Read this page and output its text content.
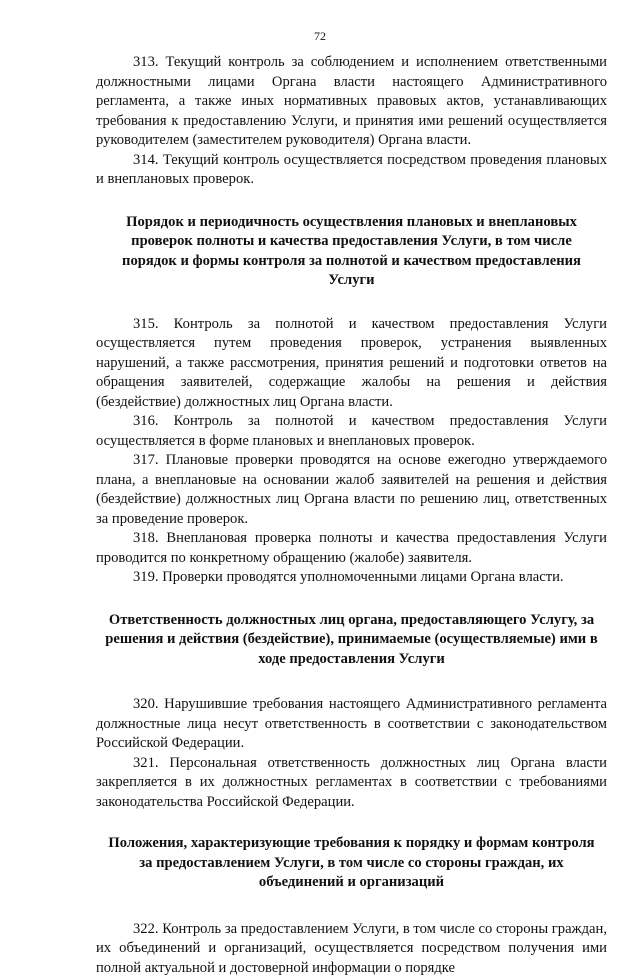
72

313. Текущий контроль за соблюдением и исполнением ответственными должностными лицами Органа власти настоящего Административного регламента, а также иных нормативных правовых актов, устанавливающих требования к предоставлению Услуги, и принятия ими решений осуществляется руководителем (заместителем руководителя) Органа власти.

314. Текущий контроль осуществляется посредством проведения плановых и внеплановых проверок.

Порядок и периодичность осуществления плановых и внеплановых проверок полноты и качества предоставления Услуги, в том числе порядок и формы контроля за полнотой и качеством предоставления Услуги

315. Контроль за полнотой и качеством предоставления Услуги осуществляется путем проведения проверок, устранения выявленных нарушений, а также рассмотрения, принятия решений и подготовки ответов на обращения заявителей, содержащие жалобы на решения и действия (бездействие) должностных лиц Органа власти.

316. Контроль за полнотой и качеством предоставления Услуги осуществляется в форме плановых и внеплановых проверок.

317. Плановые проверки проводятся на основе ежегодно утверждаемого плана, а внеплановые на основании жалоб заявителей на решения и действия (бездействие) должностных лиц Органа власти по решению лиц, ответственных за проведение проверок.

318. Внеплановая проверка полноты и качества предоставления Услуги проводится по конкретному обращению (жалобе) заявителя.

319. Проверки проводятся уполномоченными лицами Органа власти.

Ответственность должностных лиц органа, предоставляющего Услугу, за решения и действия (бездействие), принимаемые (осуществляемые) ими в ходе предоставления Услуги

320. Нарушившие требования настоящего Административного регламента должностные лица несут ответственность в соответствии с законодательством Российской Федерации.

321. Персональная ответственность должностных лиц Органа власти закрепляется в их должностных регламентах в соответствии с требованиями законодательства Российской Федерации.

Положения, характеризующие требования к порядку и формам контроля за предоставлением Услуги, в том числе со стороны граждан, их объединений и организаций

322. Контроль за предоставлением Услуги, в том числе со стороны граждан, их объединений и организаций, осуществляется посредством получения ими полной актуальной и достоверной информации о порядке
